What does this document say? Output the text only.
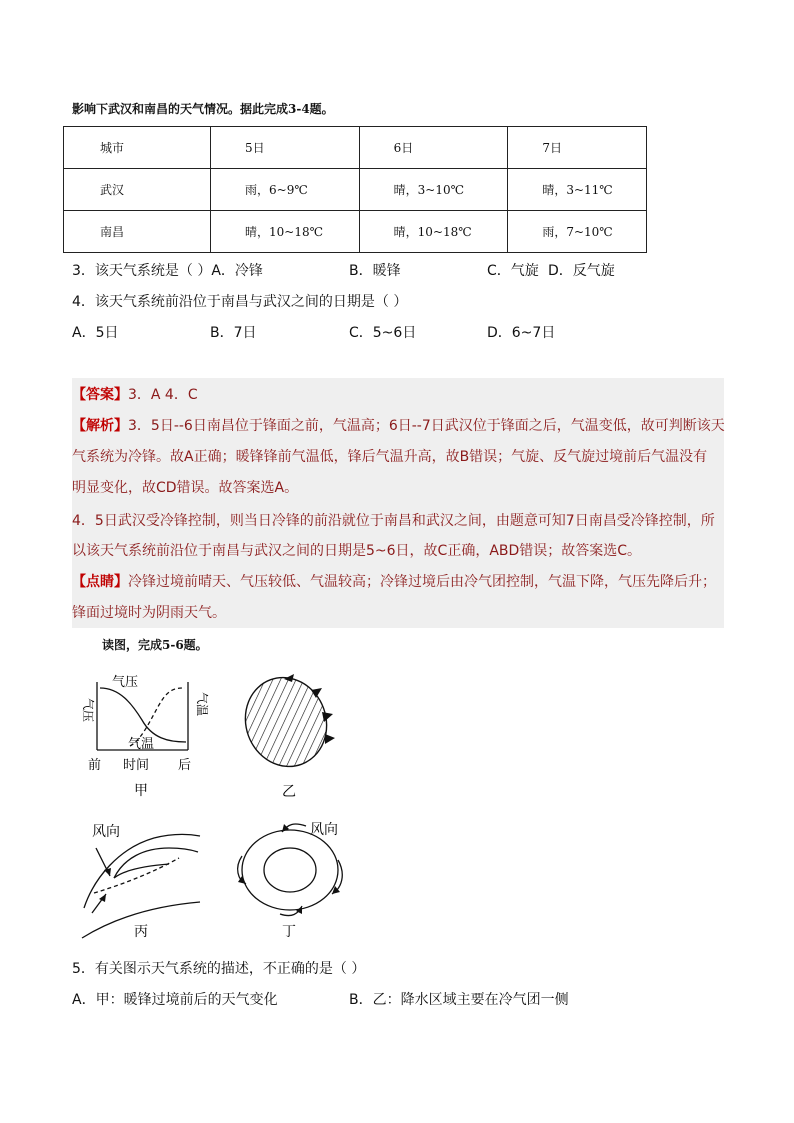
影响下武汉和南昌的天气情况。据此完成3-4题。
城市	5日	6日	7日
武汉	雨，6~9℃	晴，3~10℃	晴，3~11℃
南昌	晴，10~18℃	晴，10~18℃	雨，7~10℃
3．该天气系统是（ ）A．冷锋	B．暖锋	C．气旋 D．反气旋
4．该天气系统前沿位于南昌与武汉之间的日期是（ ）
A．5日	B．7日	C．5~6日	D．6~7日
【答案】3．A 4．C
【解析】3．5日--6日南昌位于锋面之前，气温高；6日--7日武汉位于锋面之后，气温变低，故可判断该天
气系统为冷锋。故A正确；暖锋锋前气温低，锋后气温升高，故B错误；气旋、反气旋过境前后气温没有
明显变化，故CD错误。故答案选A。
4．5日武汉受冷锋控制，则当日冷锋的前沿就位于南昌和武汉之间，由题意可知7日南昌受冷锋控制，所
以该天气系统前沿位于南昌与武汉之间的日期是5~6日，故C正确，ABD错误；故答案选C。
【点睛】冷锋过境前晴天、气压较低、气温较高；冷锋过境后由冷气团控制，气温下降，气压先降后升；
锋面过境时为阴雨天气。
读图，完成5-6题。
气压
气温
气压	气温
前 时间 后
甲	乙
风向
丙
风向
丁
5．有关图示天气系统的描述，不正确的是（ ）
A．甲：暖锋过境前后的天气变化	B．乙：降水区域主要在冷气团一侧
